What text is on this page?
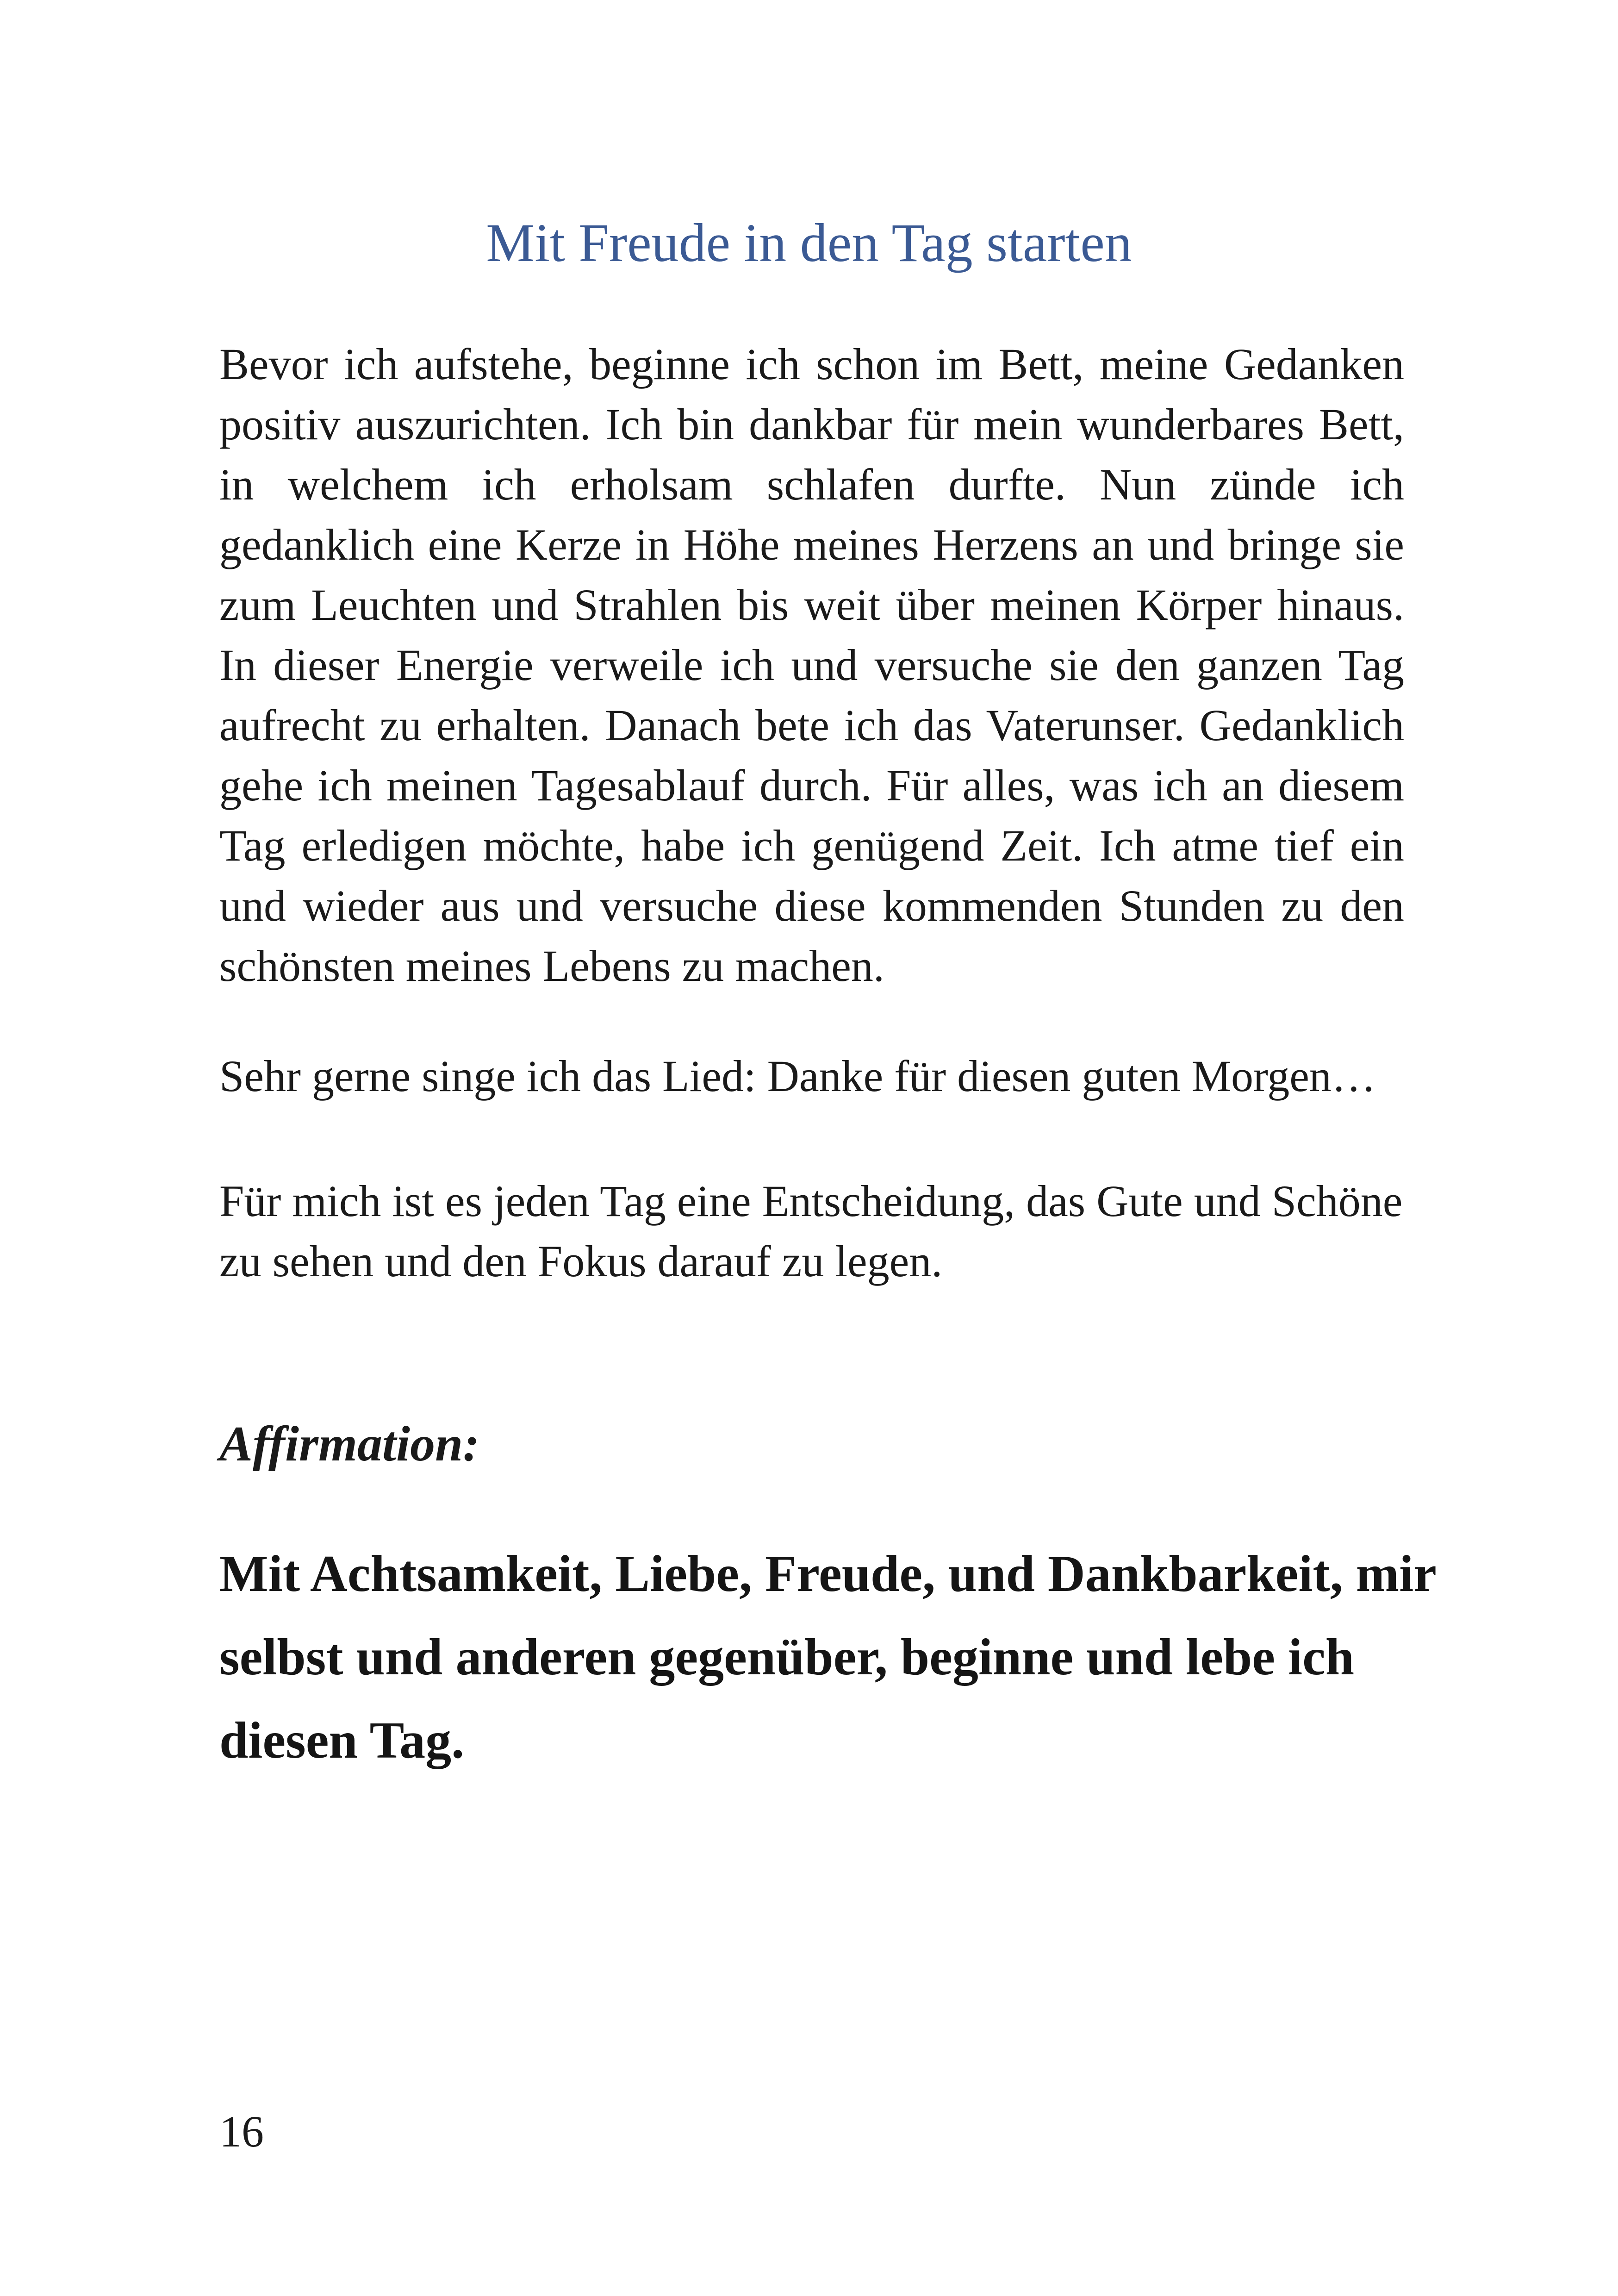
Mit Freude in den Tag starten

Bevor ich aufstehe, beginne ich schon im Bett, meine Gedanken positiv auszurichten. Ich bin dankbar für mein wunderbares Bett, in welchem ich erholsam schlafen durfte. Nun zünde ich gedanklich eine Kerze in Höhe meines Herzens an und bringe sie zum Leuchten und Strahlen bis weit über meinen Körper hinaus. In dieser Energie verweile ich und versuche sie den ganzen Tag aufrecht zu erhalten. Danach bete ich das Vaterunser. Gedanklich gehe ich meinen Tagesablauf durch. Für alles, was ich an diesem Tag erledigen möchte, habe ich genügend Zeit. Ich atme tief ein und wieder aus und versuche diese kommenden Stunden zu den schönsten meines Lebens zu machen.

Sehr gerne singe ich das Lied: Danke für diesen guten Morgen…

Für mich ist es jeden Tag eine Entscheidung, das Gute und Schöne zu sehen und den Fokus darauf zu legen.

Affirmation:

Mit Achtsamkeit, Liebe, Freude, und Dankbarkeit, mir selbst und anderen gegenüber, beginne und lebe ich diesen Tag.

16
